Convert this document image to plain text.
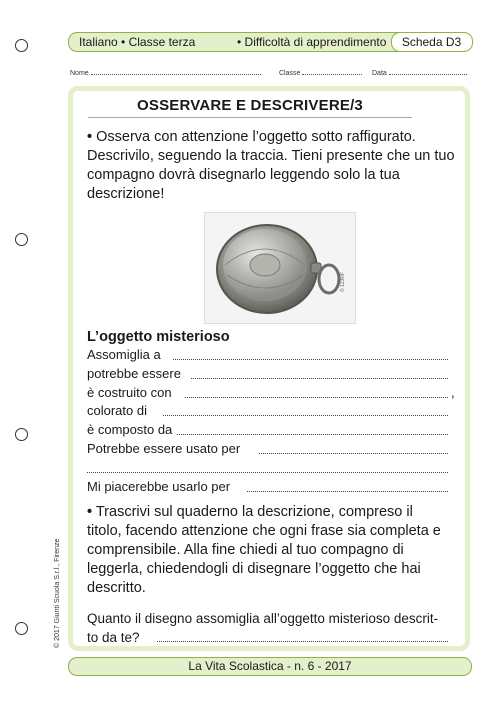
Italiano • Classe terza	• Difficoltà di apprendimento	Scheda D3
Nome	Classe	Data
OSSERVARE E DESCRIVERE/3
• Osserva con attenzione l’oggetto sotto raffigurato. Descrivilo, seguendo la traccia. Tieni presente che un tuo compagno dovrà disegnarlo leggendo solo la tua descrizione!
© 123RF
L’oggetto misterioso
Assomiglia a
potrebbe essere
è costruito con	,
colorato di
è composto da
Potrebbe essere usato per
Mi piacerebbe usarlo per
• Trascrivi sul quaderno la descrizione, compreso il titolo, facendo attenzione che ogni frase sia completa e comprensibile. Alla fine chiedi al tuo compagno di leggerla, chiedendogli di disegnare l’oggetto che hai descritto.
Quanto il disegno assomiglia all’oggetto misterioso descrit-
to da te?
© 2017 Giunti Scuola S.r.l., Firenze
La Vita Scolastica - n. 6 - 2017
